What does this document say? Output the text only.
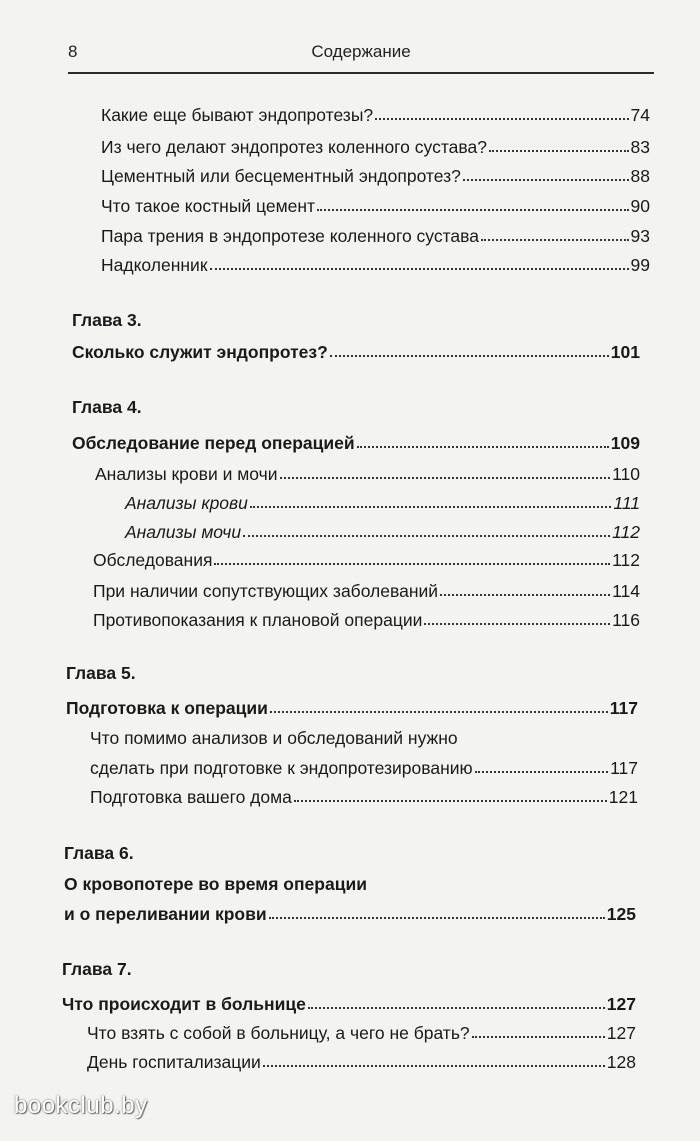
8	Содержание
Какие еще бывают эндопротезы?	74
Из чего делают эндопротез коленного сустава?	83
Цементный или бесцементный эндопротез?	88
Что такое костный цемент	90
Пара трения в эндопротезе коленного сустава	93
Надколенник	99
Глава 3.
Сколько служит эндопротез?	101
Глава 4.
Обследование перед операцией	109
Анализы крови и мочи	110
Анализы крови	111
Анализы мочи	112
Обследования	112
При наличии сопутствующих заболеваний	114
Противопоказания к плановой операции	116
Глава 5.
Подготовка к операции	117
Что помимо анализов и обследований нужно
сделать при подготовке к эндопротезированию	117
Подготовка вашего дома	121
Глава 6.
О кровопотере во время операции
и о переливании крови	125
Глава 7.
Что происходит в больнице	127
Что взять с собой в больницу, а чего не брать?	127
День госпитализации	128
bookclub.by
